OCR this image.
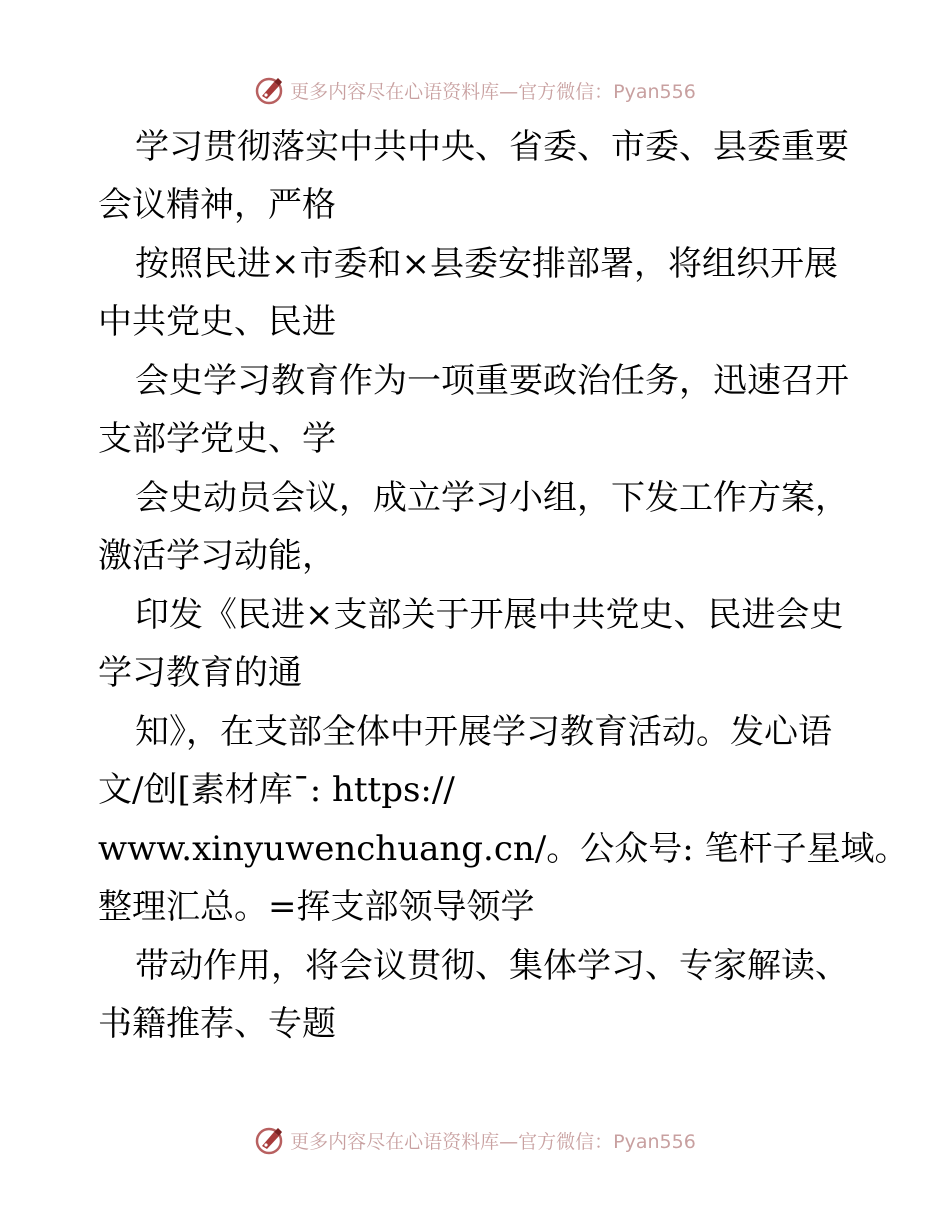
更多内容尽在心语资料库—官方微信：Pyan556
学习贯彻落实中共中央、省委、市委、县委重要
会议精神，严格
按照民进×市委和×县委安排部署，将组织开展
中共党史、民进
会史学习教育作为一项重要政治任务，迅速召开
支部学党史、学
会史动员会议，成立学习小组，下发工作方案，
激活学习动能，
印发《民进×支部关于开展中共党史、民进会史
学习教育的通
知》，在支部全体中开展学习教育活动。发心语
文/创[素材库¯: https://
www.xinyuwenchuang.cn/。公众号: 笔杆子星域。
整理汇总。=挥支部领导领学
带动作用，将会议贯彻、集体学习、专家解读、
书籍推荐、专题
更多内容尽在心语资料库—官方微信：Pyan556
